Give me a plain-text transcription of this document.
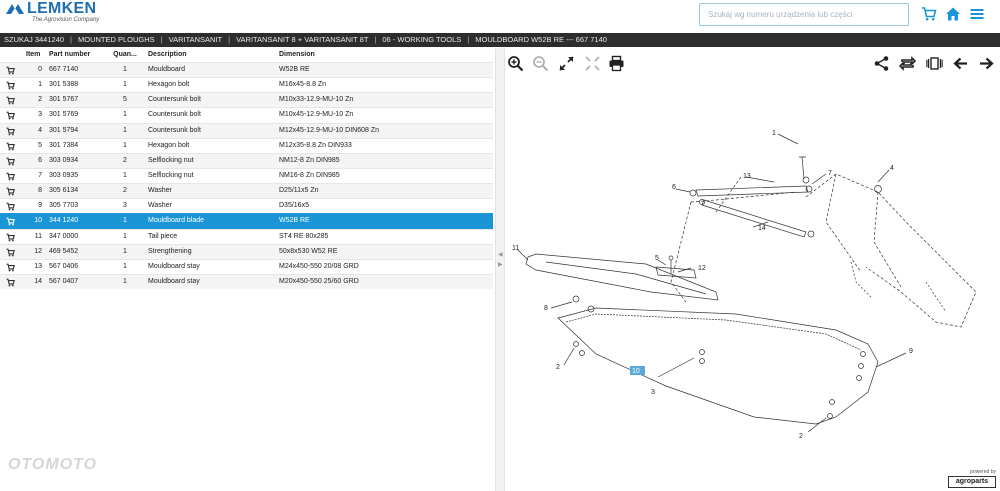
LEMKEN
The Agrovision Company
Szukaj wg numeru urządzenia lub części
SZUKAJ 3441240 | MOUNTED PLOUGHS | VARITANSANIT | VARITANSANIT 8 + VARITANSANIT 8T | 06 - WORKING TOOLS | MOULDBOARD W52B RE --- 667 7140
Item	Part number	Quan... Description	Dimension
0 667 7140	1	Mouldboard	W52B RE
1 301 5388	1	Hexagon bolt	M16x45-8.8 Zn
2 301 5767	5	Countersunk bolt	M10x33-12.9-MU-10 Zn
3 301 5769	1	Countersunk bolt	M10x45-12.9-MU-10 Zn
4 301 5794	1	Countersunk bolt	M12x45-12.9-MU-10 DIN608 Zn
5 301 7384	1	Hexagon bolt	M12x35-8.8 Zn DIN933
6 303 0934	2	Selflocking nut	NM12-8 Zn DIN985
7 303 0935	1	Selflocking nut	NM16-8 Zn DIN985
8 305 6134	2	Washer	D25/11x5 Zn
9 305 7703	3	Washer	D35/16x5
10 344 1240	1	Mouldboard blade	W52B RE
11 347 0000	1	Tail piece	ST4 RE 80x285
12 469 5452	1	Strengthening	50x8x530 W52 RE
13 567 0406	1	Mouldboard stay	M24x450-550 20/08 GRD
14 567 0407	1	Mouldboard stay	M20x450-550 25/60 GRD
◀
▶
1
4
6
7
13
14
11
5
12
8
2
9
3
2
10
powered by
agroparts
OTOMOTO
